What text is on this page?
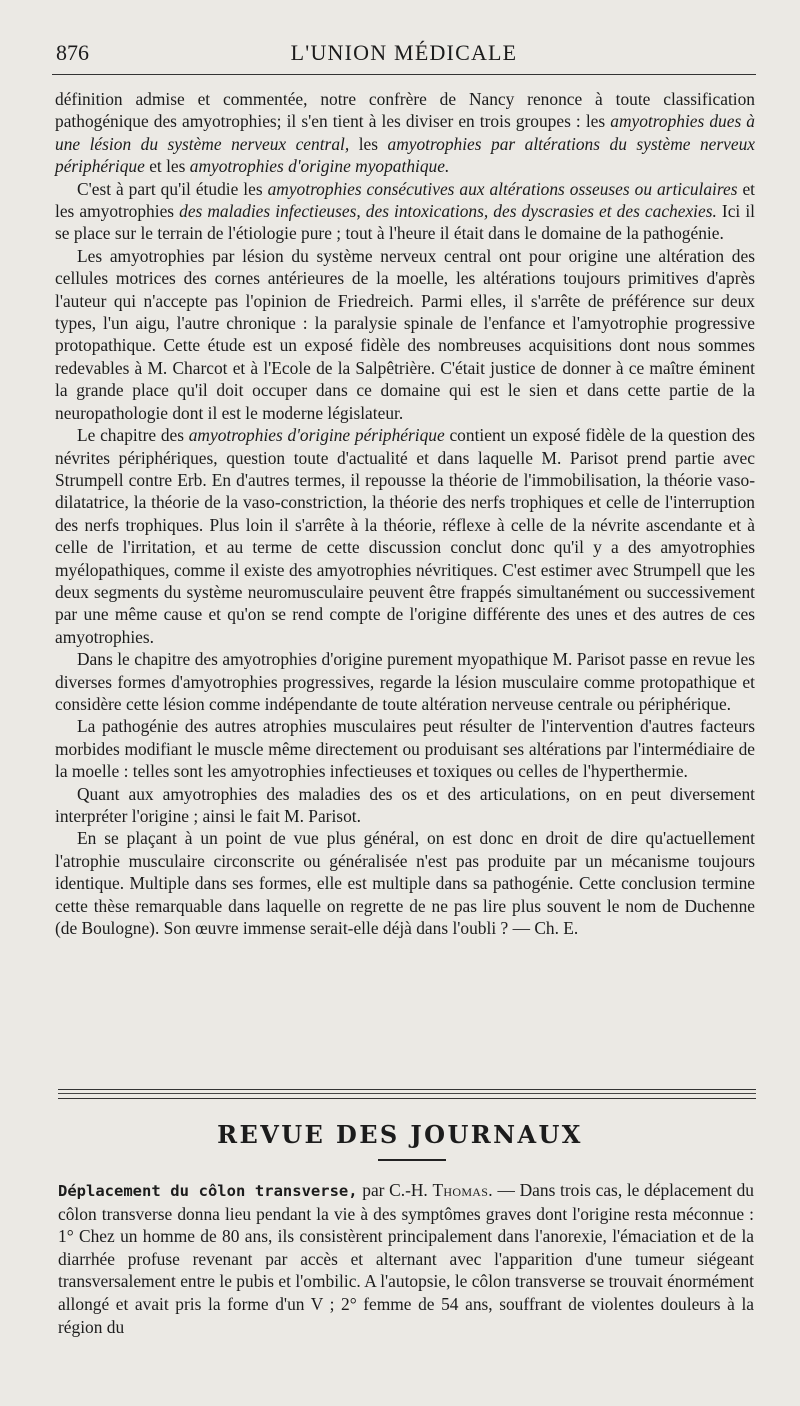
876	L'UNION MÉDICALE

définition admise et commentée, notre confrère de Nancy renonce à toute classification pathogénique des amyotrophies; il s'en tient à les diviser en trois groupes : les amyotrophies dues à une lésion du système nerveux central, les amyotrophies par altérations du système nerveux périphérique et les amyotrophies d'origine myopathique.

C'est à part qu'il étudie les amyotrophies consécutives aux altérations osseuses ou articulaires et les amyotrophies des maladies infectieuses, des intoxications, des dyscrasies et des cachexies. Ici il se place sur le terrain de l'étiologie pure ; tout à l'heure il était dans le domaine de la pathogénie.

Les amyotrophies par lésion du système nerveux central ont pour origine une altération des cellules motrices des cornes antérieures de la moelle, les altérations toujours primitives d'après l'auteur qui n'accepte pas l'opinion de Friedreich. Parmi elles, il s'arrête de préférence sur deux types, l'un aigu, l'autre chronique : la paralysie spinale de l'enfance et l'amyotrophie progressive protopathique. Cette étude est un exposé fidèle des nombreuses acquisitions dont nous sommes redevables à M. Charcot et à l'Ecole de la Salpêtrière. C'était justice de donner à ce maître éminent la grande place qu'il doit occuper dans ce domaine qui est le sien et dans cette partie de la neuropathologie dont il est le moderne législateur.

Le chapitre des amyotrophies d'origine périphérique contient un exposé fidèle de la question des névrites périphériques, question toute d'actualité et dans laquelle M. Parisot prend partie avec Strumpell contre Erb. En d'autres termes, il repousse la théorie de l'immobilisation, la théorie vaso-dilatatrice, la théorie de la vaso-constriction, la théorie des nerfs trophiques et celle de l'interruption des nerfs trophiques. Plus loin il s'arrête à la théorie, réflexe à celle de la névrite ascendante et à celle de l'irritation, et au terme de cette discussion conclut donc qu'il y a des amyotrophies myélopathiques, comme il existe des amyotrophies névritiques. C'est estimer avec Strumpell que les deux segments du système neuromusculaire peuvent être frappés simultanément ou successivement par une même cause et qu'on se rend compte de l'origine différente des unes et des autres de ces amyotrophies.

Dans le chapitre des amyotrophies d'origine purement myopathique M. Parisot passe en revue les diverses formes d'amyotrophies progressives, regarde la lésion musculaire comme protopathique et considère cette lésion comme indépendante de toute altération nerveuse centrale ou périphérique.

La pathogénie des autres atrophies musculaires peut résulter de l'intervention d'autres facteurs morbides modifiant le muscle même directement ou produisant ses altérations par l'intermédiaire de la moelle : telles sont les amyotrophies infectieuses et toxiques ou celles de l'hyperthermie.

Quant aux amyotrophies des maladies des os et des articulations, on en peut diversement interpréter l'origine ; ainsi le fait M. Parisot.

En se plaçant à un point de vue plus général, on est donc en droit de dire qu'actuellement l'atrophie musculaire circonscrite ou généralisée n'est pas produite par un mécanisme toujours identique. Multiple dans ses formes, elle est multiple dans sa pathogénie. Cette conclusion termine cette thèse remarquable dans laquelle on regrette de ne pas lire plus souvent le nom de Duchenne (de Boulogne). Son œuvre immense serait-elle déjà dans l'oubli ? — Ch. E.

REVUE DES JOURNAUX

Déplacement du côlon transverse, par C.-H. Thomas. — Dans trois cas, le déplacement du côlon transverse donna lieu pendant la vie à des symptômes graves dont l'origine resta méconnue : 1° Chez un homme de 80 ans, ils consistèrent principalement dans l'anorexie, l'émaciation et de la diarrhée profuse revenant par accès et alternant avec l'apparition d'une tumeur siégeant transversalement entre le pubis et l'ombilic. A l'autopsie, le côlon transverse se trouvait énormément allongé et avait pris la forme d'un V ; 2° femme de 54 ans, souffrant de violentes douleurs à la région du
